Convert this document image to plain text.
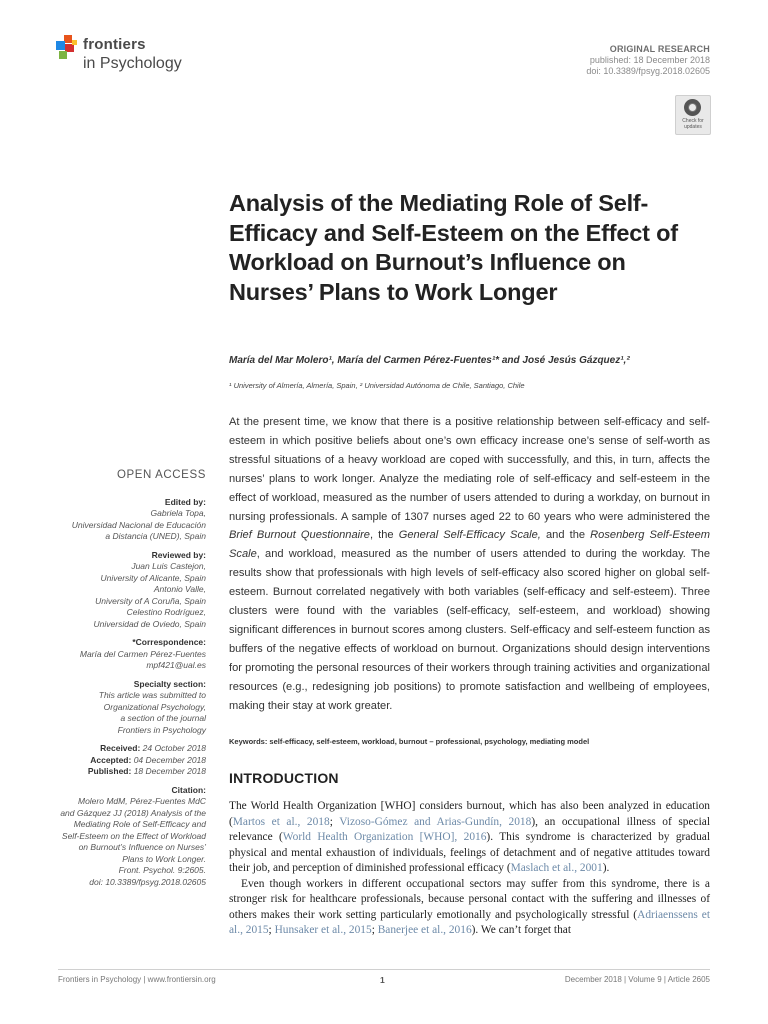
frontiers
in Psychology
ORIGINAL RESEARCH
published: 18 December 2018
doi: 10.3389/fpsyg.2018.02605
Check for updates
Analysis of the Mediating Role of Self-Efficacy and Self-Esteem on the Effect of Workload on Burnout’s Influence on Nurses’ Plans to Work Longer
María del Mar Molero¹, María del Carmen Pérez-Fuentes¹* and José Jesús Gázquez¹,²
¹ University of Almería, Almería, Spain, ² Universidad Autónoma de Chile, Santiago, Chile

At the present time, we know that there is a positive relationship between self-efficacy and self-esteem in which positive beliefs about one’s own efficacy increase one’s sense of self-worth as stressful situations of a heavy workload are coped with successfully, and this, in turn, affects the nurses’ plans to work longer. Analyze the mediating role of self-efficacy and self-esteem in the effect of workload, measured as the number of users attended to during a workday, on burnout in nursing professionals. A sample of 1307 nurses aged 22 to 60 years who were administered the Brief Burnout Questionnaire, the General Self-Efficacy Scale, and the Rosenberg Self-Esteem Scale, and workload, measured as the number of users attended to during the workday. The results show that professionals with high levels of self-efficacy also scored higher on global self-esteem. Burnout correlated negatively with both variables (self-efficacy and self-esteem). Three clusters were found with the variables (self-efficacy, self-esteem, and workload) showing significant differences in burnout scores among clusters. Self-efficacy and self-esteem function as buffers of the negative effects of workload on burnout. Organizations should design interventions for promoting the personal resources of their workers through training activities and organizational resources (e.g., redesigning job positions) to promote satisfaction and wellbeing of employees, making their stay at work greater.

Keywords: self-efficacy, self-esteem, workload, burnout – professional, psychology, mediating model
INTRODUCTION

The World Health Organization [WHO] considers burnout, which has also been analyzed in education (Martos et al., 2018; Vizoso-Gómez and Arias-Gundín, 2018), an occupational illness of special relevance (World Health Organization [WHO], 2016). This syndrome is characterized by gradual physical and mental exhaustion of individuals, feelings of detachment and of negative attitudes toward their job, and perception of diminished professional efficacy (Maslach et al., 2001).

Even though workers in different occupational sectors may suffer from this syndrome, there is a stronger risk for healthcare professionals, because personal contact with the suffering and illnesses of others makes their work setting particularly emotionally and psychologically stressful (Adriaenssens et al., 2015; Hunsaker et al., 2015; Banerjee et al., 2016). We can’t forget that

OPEN ACCESS
Edited by:
Gabriela Topa,
Universidad Nacional de Educación
a Distancia (UNED), Spain
Reviewed by:
Juan Luis Castejon,
University of Alicante, Spain
Antonio Valle,
University of A Coruña, Spain
Celestino Rodríguez,
Universidad de Oviedo, Spain
*Correspondence:
María del Carmen Pérez-Fuentes
mpf421@ual.es
Specialty section:
This article was submitted to
Organizational Psychology,
a section of the journal
Frontiers in Psychology
Received: 24 October 2018
Accepted: 04 December 2018
Published: 18 December 2018
Citation:
Molero MdM, Pérez-Fuentes MdC
and Gázquez JJ (2018) Analysis of the
Mediating Role of Self-Efficacy and
Self-Esteem on the Effect of Workload
on Burnout’s Influence on Nurses’
Plans to Work Longer.
Front. Psychol. 9:2605.
doi: 10.3389/fpsyg.2018.02605
Frontiers in Psychology | www.frontiersin.org	1	December 2018 | Volume 9 | Article 2605
